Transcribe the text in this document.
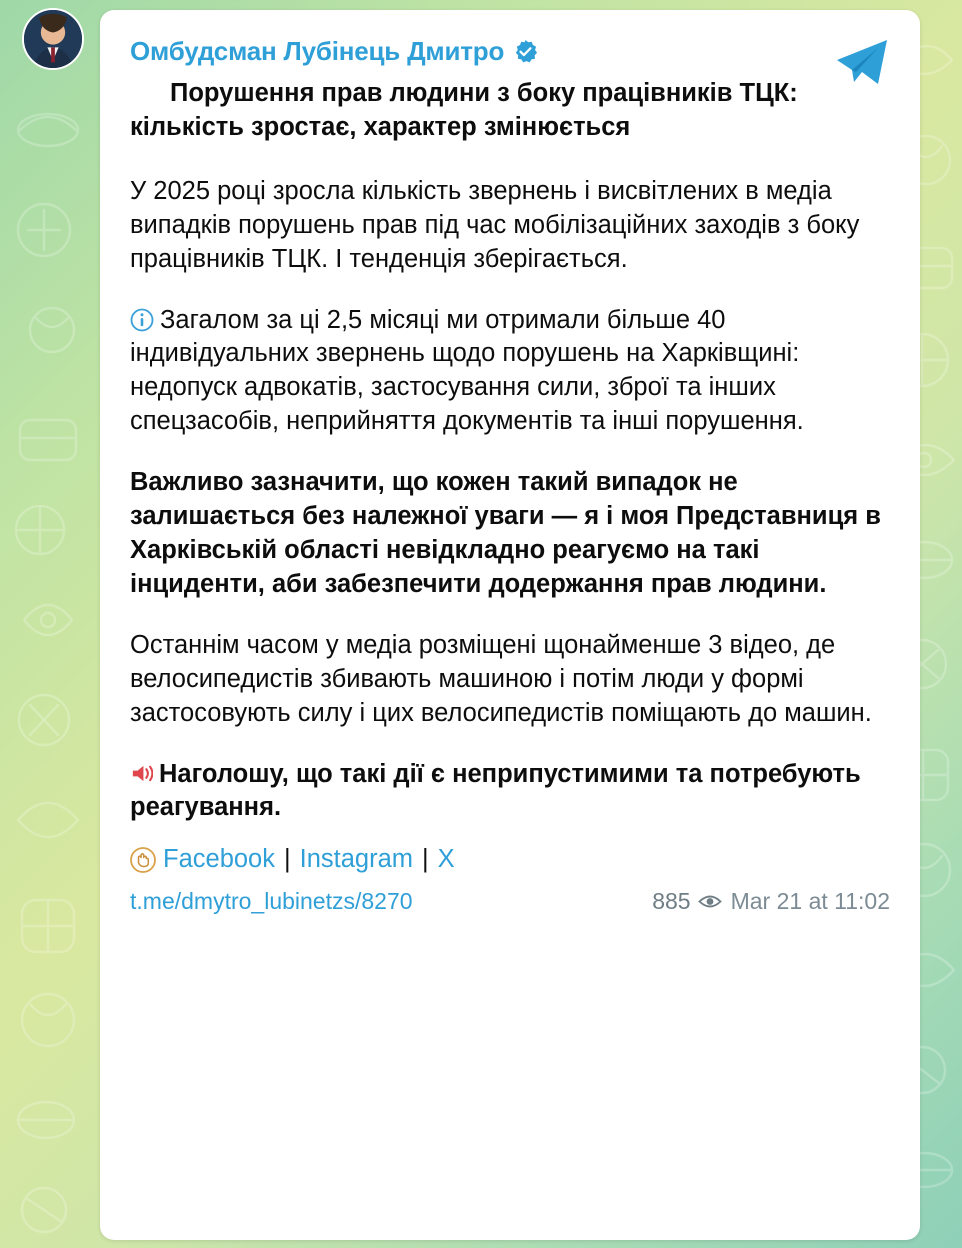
Омбудсман Лубінець Дмитро

Порушення прав людини з боку працівників ТЦК: кількість зростає, характер змінюється

У 2025 році зросла кількість звернень і висвітлених в медіа випадків порушень прав під час мобілізаційних заходів з боку працівників ТЦК. І тенденція зберігається.

Загалом за ці 2,5 місяці ми отримали більше 40 індивідуальних звернень щодо порушень на Харківщині: недопуск адвокатів, застосування сили, зброї та інших спецзасобів, неприйняття документів та інші порушення.

Важливо зазначити, що кожен такий випадок не залишається без належної уваги — я і моя Представниця в Харківській області невідкладно реагуємо на такі інциденти, аби забезпечити додержання прав людини.

Останнім часом у медіа розміщені щонайменше 3 відео, де велосипедистів збивають машиною і потім люди у формі застосовують силу і цих велосипедистів поміщають до машин.

Наголошу, що такі дії є неприпустимими та потребують реагування.

Facebook | Instagram | X
t.me/dmytro_lubinetzs/8270	885 Mar 21 at 11:02
